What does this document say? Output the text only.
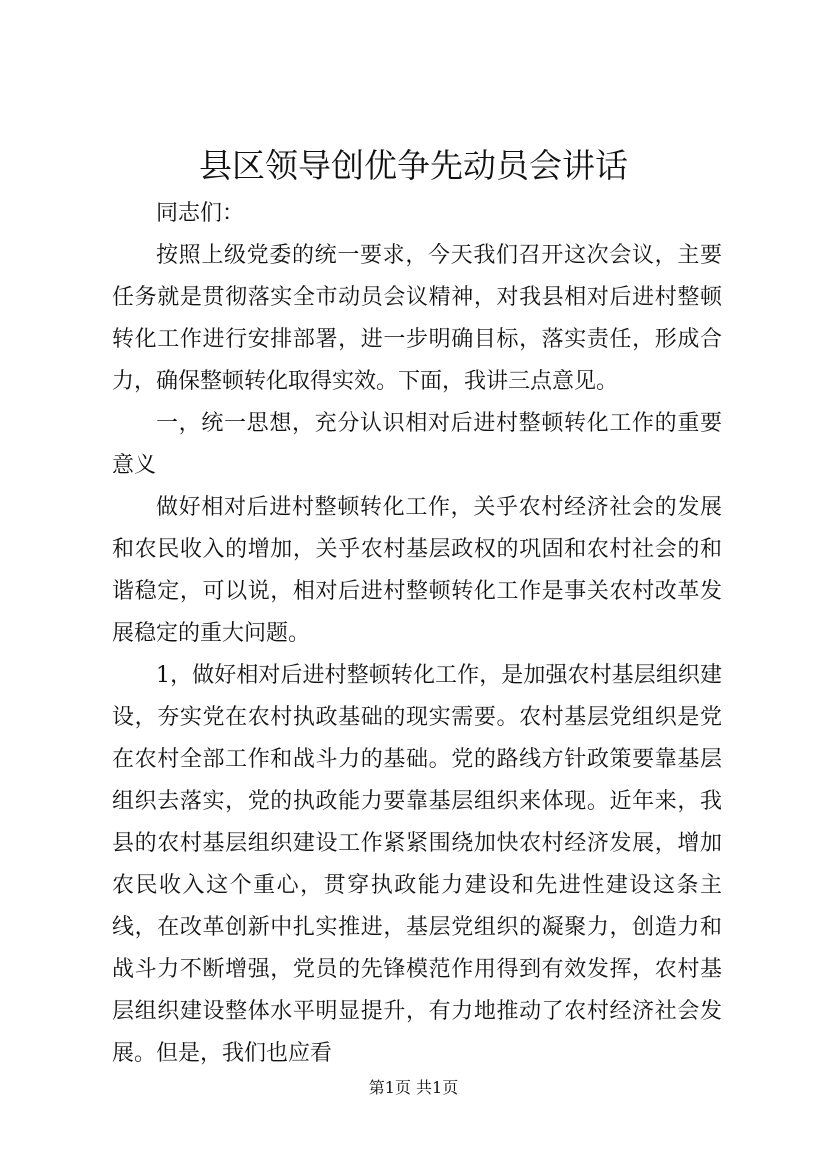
县区领导创优争先动员会讲话

同志们：

按照上级党委的统一要求，今天我们召开这次会议，主要任务就是贯彻落实全市动员会议精神，对我县相对后进村整顿转化工作进行安排部署，进一步明确目标，落实责任，形成合力，确保整顿转化取得实效。下面，我讲三点意见。

一，统一思想，充分认识相对后进村整顿转化工作的重要意义

做好相对后进村整顿转化工作，关乎农村经济社会的发展和农民收入的增加，关乎农村基层政权的巩固和农村社会的和谐稳定，可以说，相对后进村整顿转化工作是事关农村改革发展稳定的重大问题。

1，做好相对后进村整顿转化工作，是加强农村基层组织建设，夯实党在农村执政基础的现实需要。农村基层党组织是党在农村全部工作和战斗力的基础。党的路线方针政策要靠基层组织去落实，党的执政能力要靠基层组织来体现。近年来，我县的农村基层组织建设工作紧紧围绕加快农村经济发展，增加农民收入这个重心，贯穿执政能力建设和先进性建设这条主线，在改革创新中扎实推进，基层党组织的凝聚力，创造力和战斗力不断增强，党员的先锋模范作用得到有效发挥，农村基层组织建设整体水平明显提升，有力地推动了农村经济社会发展。但是，我们也应看

第1页 共1页
